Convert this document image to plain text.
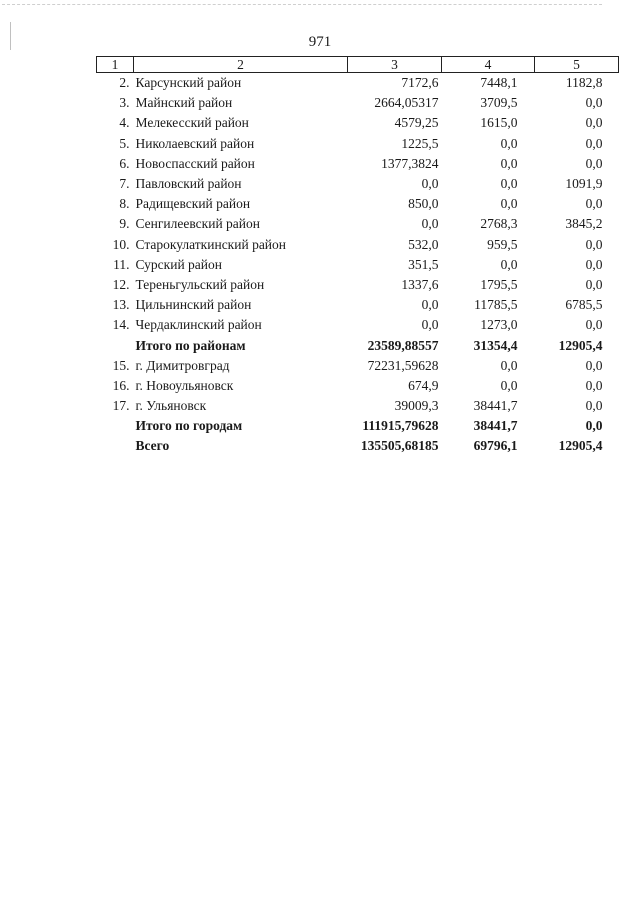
971
1	2	3	4	5
2.	Карсунский район	7172,6	7448,1	1182,8
3.	Майнский район	2664,05317	3709,5	0,0
4.	Мелекесский район	4579,25	1615,0	0,0
5.	Николаевский район	1225,5	0,0	0,0
6.	Новоспасский район	1377,3824	0,0	0,0
7.	Павловский район	0,0	0,0	1091,9
8.	Радищевский район	850,0	0,0	0,0
9.	Сенгилеевский район	0,0	2768,3	3845,2
10.	Старокулаткинский район	532,0	959,5	0,0
11.	Сурский район	351,5	0,0	0,0
12.	Тереньгульский район	1337,6	1795,5	0,0
13.	Цильнинский район	0,0	11785,5	6785,5
14.	Чердаклинский район	0,0	1273,0	0,0
	Итого по районам	23589,88557	31354,4	12905,4
15.	г. Димитровград	72231,59628	0,0	0,0
16.	г. Новоульяновск	674,9	0,0	0,0
17.	г. Ульяновск	39009,3	38441,7	0,0
	Итого по городам	111915,79628	38441,7	0,0
	Всего	135505,68185	69796,1	12905,4
